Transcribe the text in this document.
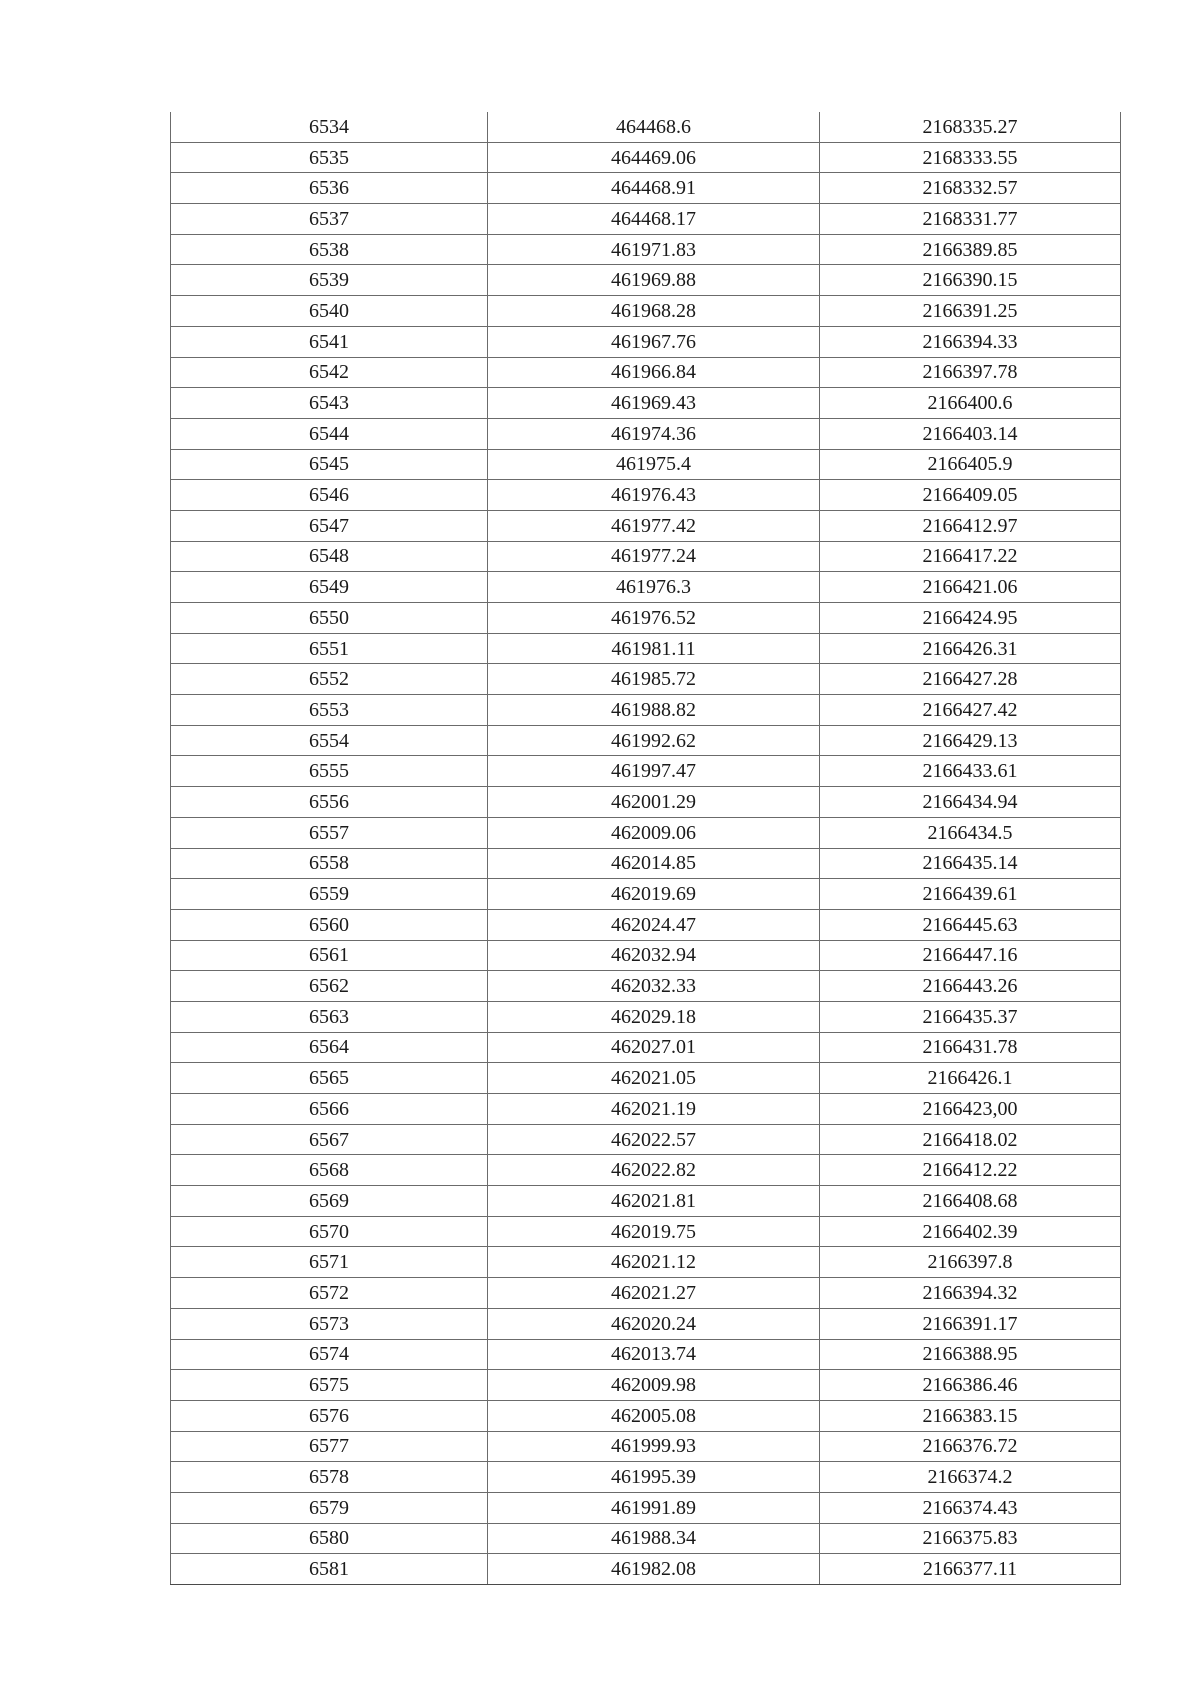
6534	464468.6	2168335.27
6535	464469.06	2168333.55
6536	464468.91	2168332.57
6537	464468.17	2168331.77
6538	461971.83	2166389.85
6539	461969.88	2166390.15
6540	461968.28	2166391.25
6541	461967.76	2166394.33
6542	461966.84	2166397.78
6543	461969.43	2166400.6
6544	461974.36	2166403.14
6545	461975.4	2166405.9
6546	461976.43	2166409.05
6547	461977.42	2166412.97
6548	461977.24	2166417.22
6549	461976.3	2166421.06
6550	461976.52	2166424.95
6551	461981.11	2166426.31
6552	461985.72	2166427.28
6553	461988.82	2166427.42
6554	461992.62	2166429.13
6555	461997.47	2166433.61
6556	462001.29	2166434.94
6557	462009.06	2166434.5
6558	462014.85	2166435.14
6559	462019.69	2166439.61
6560	462024.47	2166445.63
6561	462032.94	2166447.16
6562	462032.33	2166443.26
6563	462029.18	2166435.37
6564	462027.01	2166431.78
6565	462021.05	2166426.1
6566	462021.19	2166423,00
6567	462022.57	2166418.02
6568	462022.82	2166412.22
6569	462021.81	2166408.68
6570	462019.75	2166402.39
6571	462021.12	2166397.8
6572	462021.27	2166394.32
6573	462020.24	2166391.17
6574	462013.74	2166388.95
6575	462009.98	2166386.46
6576	462005.08	2166383.15
6577	461999.93	2166376.72
6578	461995.39	2166374.2
6579	461991.89	2166374.43
6580	461988.34	2166375.83
6581	461982.08	2166377.11
